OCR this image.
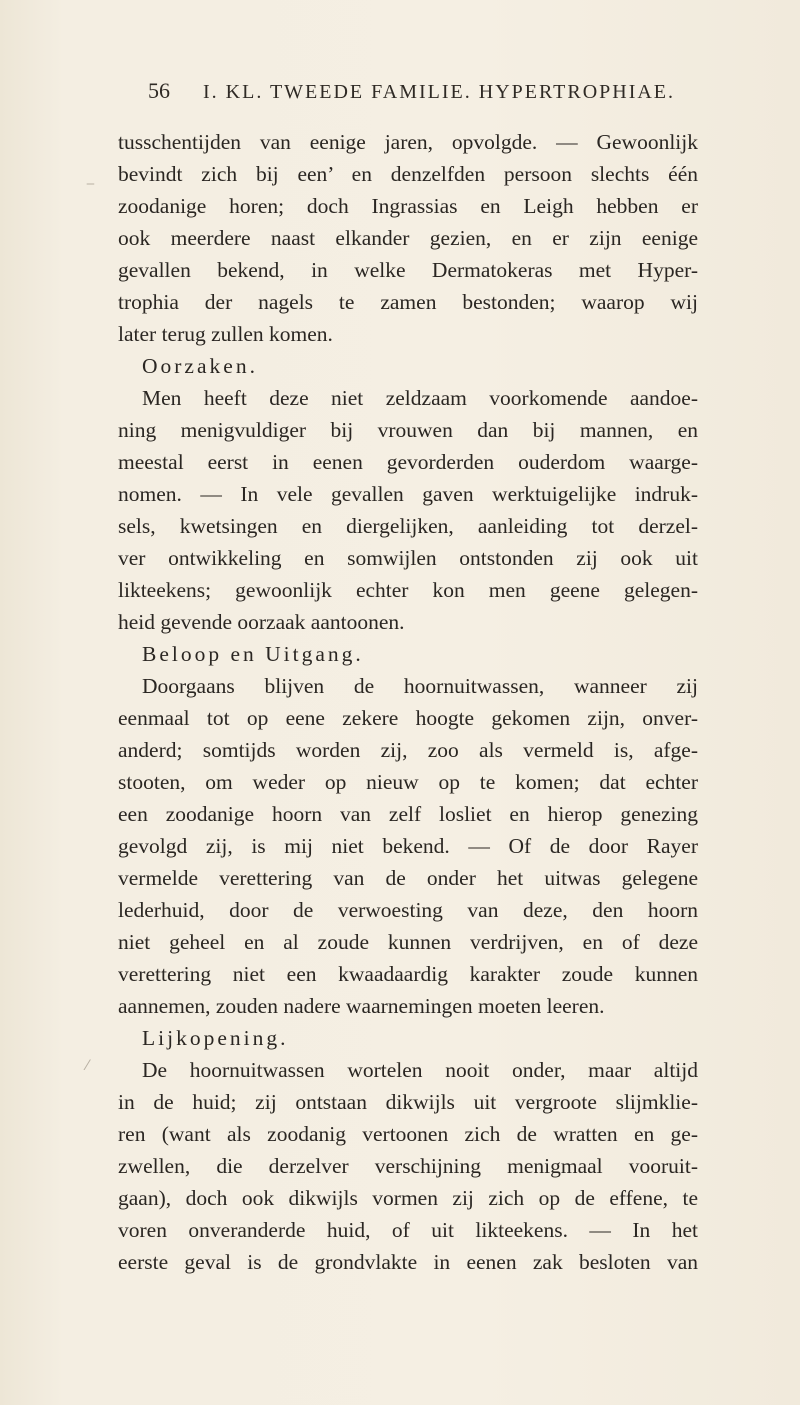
56 I. KL. TWEEDE FAMILIE. HYPERTROPHIAE.
tusschentijden van eenige jaren, opvolgde. — Gewoonlijk
bevindt zich bij een’ en denzelfden persoon slechts één
zoodanige horen; doch Ingrassias en Leigh hebben er
ook meerdere naast elkander gezien, en er zijn eenige
gevallen bekend, in welke Dermatokeras met Hyper-
trophia der nagels te zamen bestonden; waarop wij
later terug zullen komen.
Oorzaken.
Men heeft deze niet zeldzaam voorkomende aandoe-
ning menigvuldiger bij vrouwen dan bij mannen, en
meestal eerst in eenen gevorderden ouderdom waarge-
nomen. — In vele gevallen gaven werktuigelijke indruk-
sels, kwetsingen en diergelijken, aanleiding tot derzel-
ver ontwikkeling en somwijlen ontstonden zij ook uit
likteekens; gewoonlijk echter kon men geene gelegen-
heid gevende oorzaak aantoonen.
Beloop en Uitgang.
Doorgaans blijven de hoornuitwassen, wanneer zij
eenmaal tot op eene zekere hoogte gekomen zijn, onver-
anderd; somtijds worden zij, zoo als vermeld is, afge-
stooten, om weder op nieuw op te komen; dat echter
een zoodanige hoorn van zelf losliet en hierop genezing
gevolgd zij, is mij niet bekend. — Of de door Rayer
vermelde verettering van de onder het uitwas gelegene
lederhuid, door de verwoesting van deze, den hoorn
niet geheel en al zoude kunnen verdrijven, en of deze
verettering niet een kwaadaardig karakter zoude kunnen
aannemen, zouden nadere waarnemingen moeten leeren.
Lijkopening.
De hoornuitwassen wortelen nooit onder, maar altijd
in de huid; zij ontstaan dikwijls uit vergroote slijmklie-
ren (want als zoodanig vertoonen zich de wratten en ge-
zwellen, die derzelver verschijning menigmaal vooruit-
gaan), doch ook dikwijls vormen zij zich op de effene, te
voren onveranderde huid, of uit likteekens. — In het
eerste geval is de grondvlakte in eenen zak besloten van
‒
⁄
